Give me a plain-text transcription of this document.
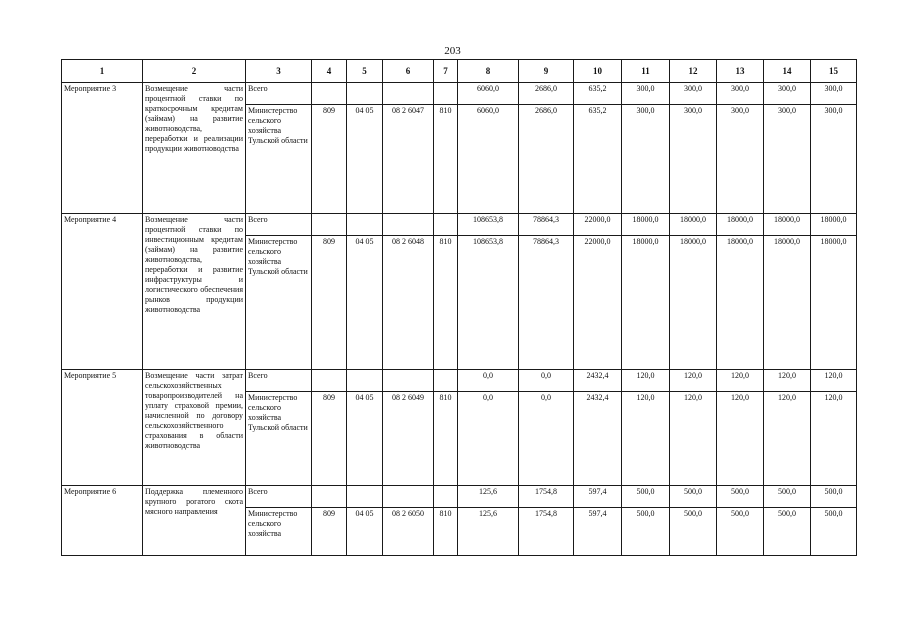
203
1	2	3	4	5	6	7	8	9	10	11	12	13	14	15
Мероприятие 3	Возмещение части процентной ставки по краткосрочным кредитам (займам) на развитие животноводства, переработки и реализации продукции животноводства	Всего					6060,0	2686,0	635,2	300,0	300,0	300,0	300,0	300,0
		Министерство сельского хозяйства Тульской области	809	04 05	08 2 6047	810	6060,0	2686,0	635,2	300,0	300,0	300,0	300,0	300,0
Мероприятие 4	Возмещение части процентной ставки по инвестиционным кредитам (займам) на развитие животноводства, переработки и развитие инфраструктуры и логистического обеспечения рынков продукции животноводства	Всего					108653,8	78864,3	22000,0	18000,0	18000,0	18000,0	18000,0	18000,0
		Министерство сельского хозяйства Тульской области	809	04 05	08 2 6048	810	108653,8	78864,3	22000,0	18000,0	18000,0	18000,0	18000,0	18000,0
Мероприятие 5	Возмещение части затрат сельскохозяйственных товаропроизводителей на уплату страховой премии, начисленной по договору сельскохозяйственного страхования в области животноводства	Всего					0,0	0,0	2432,4	120,0	120,0	120,0	120,0	120,0
		Министерство сельского хозяйства Тульской области	809	04 05	08 2 6049	810	0,0	0,0	2432,4	120,0	120,0	120,0	120,0	120,0
Мероприятие 6	Поддержка племенного крупного рогатого скота мясного направления	Всего					125,6	1754,8	597,4	500,0	500,0	500,0	500,0	500,0
		Министерство сельского хозяйства	809	04 05	08 2 6050	810	125,6	1754,8	597,4	500,0	500,0	500,0	500,0	500,0
